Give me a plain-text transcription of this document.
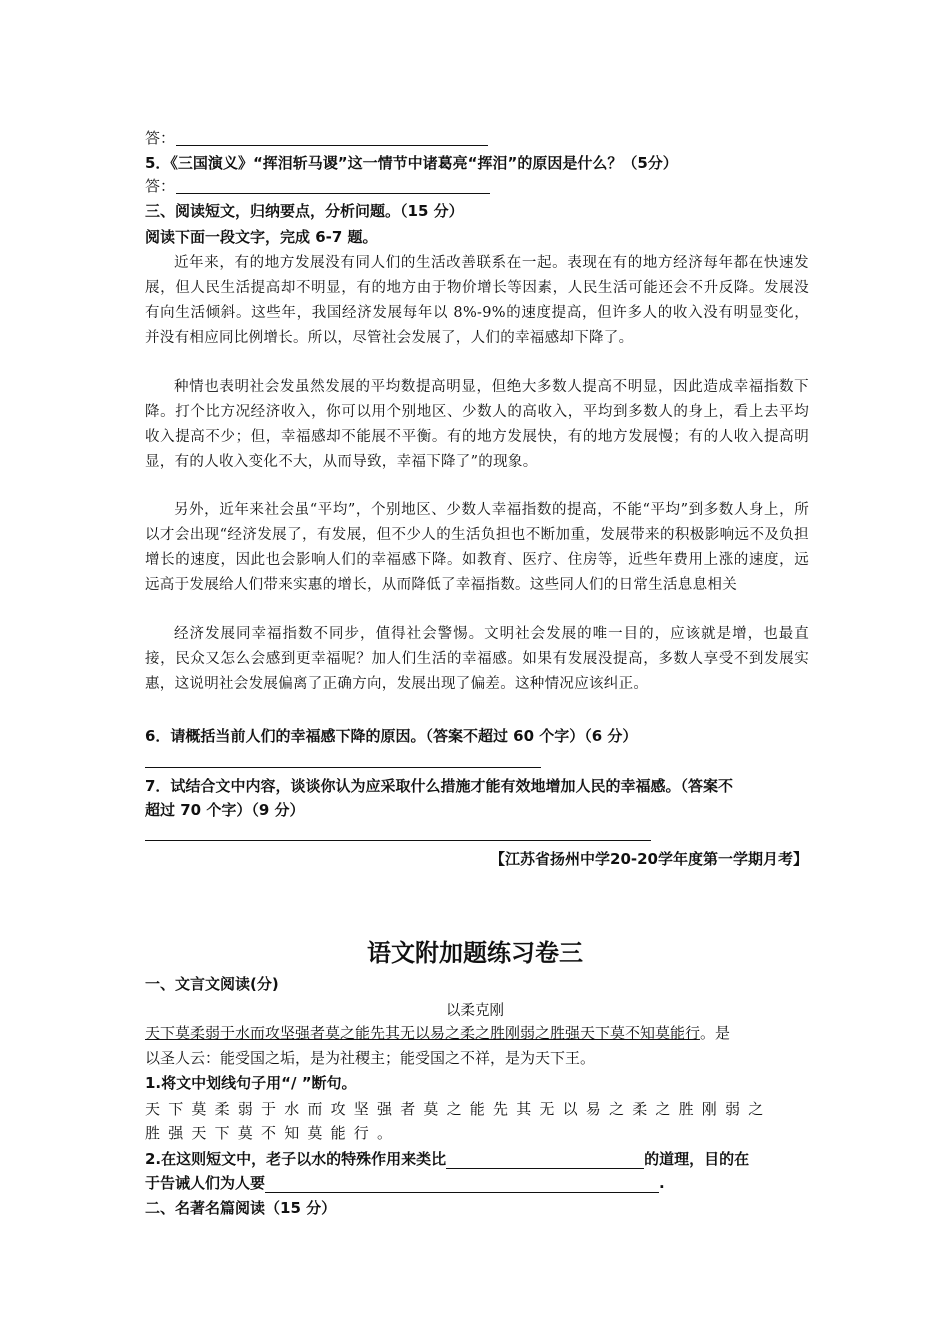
答：
5．《三国演义》“挥泪斩马谡”这一情节中诸葛亮“挥泪”的原因是什么？（5分）
答：
三、阅读短文，归纳要点，分析问题。（15 分）
阅读下面一段文字，完成 6-7 题。
近年来，有的地方发展没有同人们的生活改善联系在一起。表现在有的地方经济每年都在快速发展，但人民生活提高却不明显，有的地方由于物价增长等因素，人民生活可能还会不升反降。发展没有向生活倾斜。这些年，我国经济发展每年以 8%-9%的速度提高，但许多人的收入没有明显变化，并没有相应同比例增长。所以，尽管社会发展了，人们的幸福感却下降了。
种情也表明社会发虽然发展的平均数提高明显，但绝大多数人提高不明显，因此造成幸福指数下降。打个比方况经济收入，你可以用个别地区、少数人的高收入，平均到多数人的身上，看上去平均收入提高不少；但，幸福感却不能展不平衡。有的地方发展快，有的地方发展慢；有的人收入提高明显，有的人收入变化不大，从而导致，幸福下降了”的现象。
另外，近年来社会虽“平均”，个别地区、少数人幸福指数的提高，不能“平均”到多数人身上，所以才会出现“经济发展了，有发展，但不少人的生活负担也不断加重，发展带来的积极影响远不及负担增长的速度，因此也会影响人们的幸福感下降。如教育、医疗、住房等，近些年费用上涨的速度，远远高于发展给人们带来实惠的增长，从而降低了幸福指数。这些同人们的日常生活息息相关
经济发展同幸福指数不同步，值得社会警惕。文明社会发展的唯一目的，应该就是增，也最直接，民众又怎么会感到更幸福呢？加人们生活的幸福感。如果有发展没提高，多数人享受不到发展实惠，这说明社会发展偏离了正确方向，发展出现了偏差。这种情况应该纠正。
6．请概括当前人们的幸福感下降的原因。（答案不超过 60 个字）（6 分）
7．试结合文中内容，谈谈你认为应采取什么措施才能有效地增加人民的幸福感。（答案不
超过 70 个字）（9 分）
【江苏省扬州中学20-20学年度第一学期月考】
语文附加题练习卷三
一、文言文阅读(分)
以柔克刚
天下莫柔弱于水而攻坚强者莫之能先其无以易之柔之胜刚弱之胜强天下莫不知莫能行。是
以圣人云：能受国之垢，是为社稷主；能受国之不祥，是为天下王。
1.将文中划线句子用“/ ”断句。
天下莫柔弱于水而攻坚强者莫之能先其无以易之柔之胜刚弱之
胜强天下莫不知莫能行。
2.在这则短文中，老子以水的特殊作用来类比	的道理，目的在
于告诫人们为人要	.
二、名著名篇阅读（15 分）
